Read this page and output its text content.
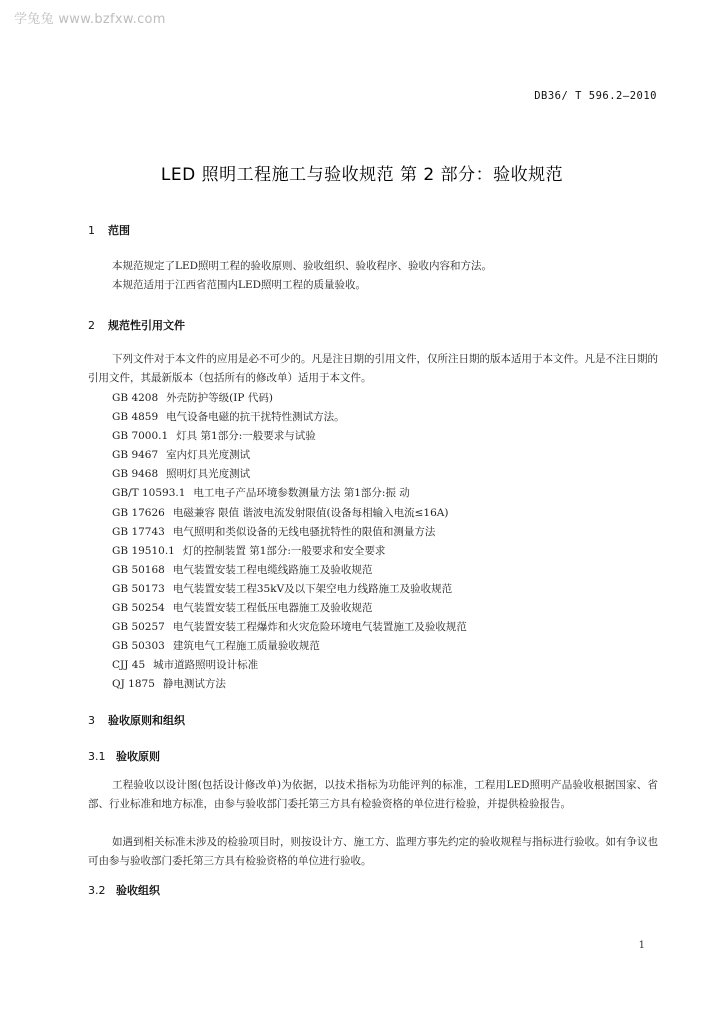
学兔兔 www.bzfxw.com
DB36/ T 596.2—2010
LED 照明工程施工与验收规范 第 2 部分：验收规范
1 范围

本规范规定了LED照明工程的验收原则、验收组织、验收程序、验收内容和方法。

本规范适用于江西省范围内LED照明工程的质量验收。

2 规范性引用文件

下列文件对于本文件的应用是必不可少的。凡是注日期的引用文件，仅所注日期的版本适用于本文件。凡是不注日期的引用文件，其最新版本（包括所有的修改单）适用于本文件。

GB 4208 外壳防护等级(IP 代码)
GB 4859 电气设备电磁的抗干扰特性测试方法。
GB 7000.1 灯具 第1部分:一般要求与试验
GB 9467 室内灯具光度测试
GB 9468 照明灯具光度测试
GB/T 10593.1 电工电子产品环境参数测量方法 第1部分:振 动
GB 17626 电磁兼容 限值 谐波电流发射限值(设备每相输入电流≤16A)
GB 17743 电气照明和类似设备的无线电骚扰特性的限值和测量方法
GB 19510.1 灯的控制装置 第1部分:一般要求和安全要求
GB 50168 电气装置安装工程电缆线路施工及验收规范
GB 50173 电气装置安装工程35kV及以下架空电力线路施工及验收规范
GB 50254 电气装置安装工程低压电器施工及验收规范
GB 50257 电气装置安装工程爆炸和火灾危险环境电气装置施工及验收规范
GB 50303 建筑电气工程施工质量验收规范
CJJ 45 城市道路照明设计标准
QJ 1875 静电测试方法
3 验收原则和组织
3.1 验收原则

工程验收以设计图(包括设计修改单)为依据，以技术指标为功能评判的标准，工程用LED照明产品验收根据国家、省部、行业标准和地方标准，由参与验收部门委托第三方具有检验资格的单位进行检验，并提供检验报告。

如遇到相关标准未涉及的检验项目时，则按设计方、施工方、监理方事先约定的验收规程与指标进行验收。如有争议也可由参与验收部门委托第三方具有检验资格的单位进行验收。

3.2 验收组织
1
